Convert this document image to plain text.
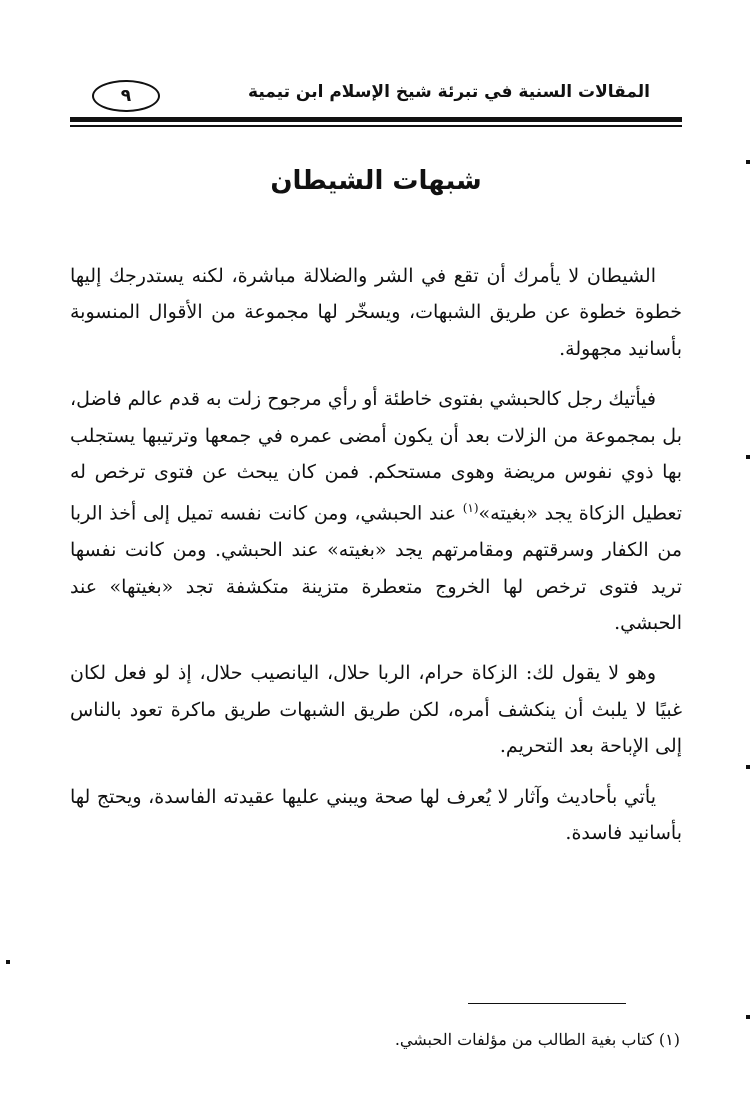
المقالات السنية في تبرئة شيخ الإسلام ابن تيمية
٩
شبهات الشيطان

الشيطان لا يأمرك أن تقع في الشر والضلالة مباشرة، لكنه يستدرجك إليها خطوة خطوة عن طريق الشبهات، ويسخّر لها مجموعة من الأقوال المنسوبة بأسانيد مجهولة.

فيأتيك رجل كالحبشي بفتوى خاطئة أو رأي مرجوح زلت به قدم عالم فاضل، بل بمجموعة من الزلات بعد أن يكون أمضى عمره في جمعها وترتيبها يستجلب بها ذوي نفوس مريضة وهوى مستحكم. فمن كان يبحث عن فتوى ترخص له تعطيل الزكاة يجد «بغيته»$^{(١)}$ عند الحبشي، ومن كانت نفسه تميل إلى أخذ الربا من الكفار وسرقتهم ومقامرتهم يجد «بغيته» عند الحبشي. ومن كانت نفسها تريد فتوى ترخص لها الخروج متعطرة متزينة متكشفة تجد «بغيتها» عند الحبشي.

وهو لا يقول لك: الزكاة حرام، الربا حلال، اليانصيب حلال، إذ لو فعل لكان غبيًا لا يلبث أن ينكشف أمره، لكن طريق الشبهات طريق ماكرة تعود بالناس إلى الإباحة بعد التحريم.

يأتي بأحاديث وآثار لا يُعرف لها صحة ويبني عليها عقيدته الفاسدة، ويحتج لها بأسانيد فاسدة.

(١) كتاب بغية الطالب من مؤلفات الحبشي.
